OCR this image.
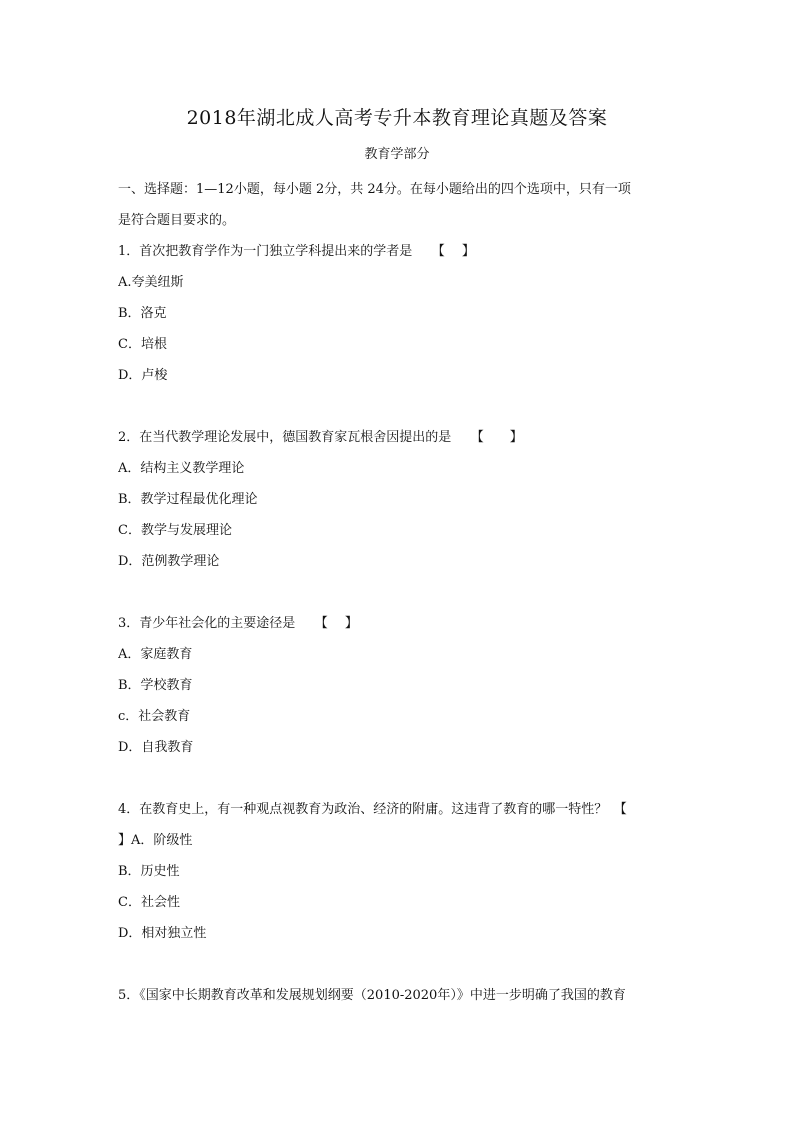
2018年湖北成人高考专升本教育理论真题及答案
教育学部分
一、选择题：1—12小题，每小题 2分，共 24分。在每小题给出的四个选项中，只有一项
是符合题目要求的。
1．首次把教育学作为一门独立学科提出来的学者是　　【　 】
A.夸美纽斯
B．洛克
C．培根
D．卢梭
2．在当代教学理论发展中，德国教育家瓦根舍因提出的是　　【　　】
A．结构主义教学理论
B．教学过程最优化理论
C．教学与发展理论
D．范例教学理论
3．青少年社会化的主要途径是　　【　 】
A．家庭教育
B．学校教育
c．社会教育
D．自我教育
4．在教育史上，有一种观点视教育为政治、经济的附庸。这违背了教育的哪一特性？　【
】A．阶级性
B．历史性
C．社会性
D．相对独立性
5．《国家中长期教育改革和发展规划纲要（2010-2020年）》中进一步明确了我国的教育
